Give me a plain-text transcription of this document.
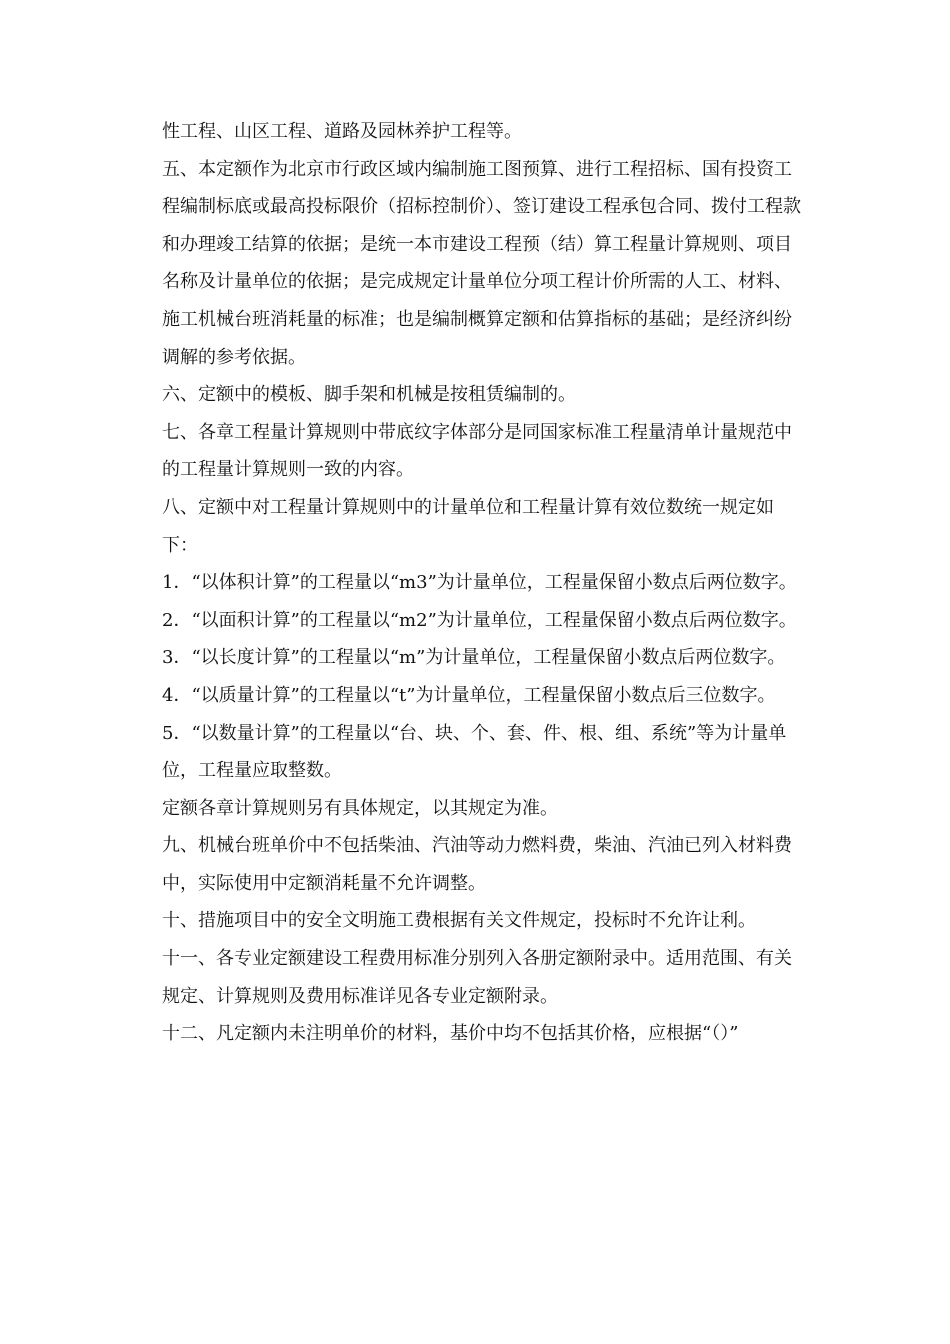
性工程、山区工程、道路及园林养护工程等。

五、本定额作为北京市行政区域内编制施工图预算、进行工程招标、国有投资工程编制标底或最高投标限价（招标控制价）、签订建设工程承包合同、拨付工程款和办理竣工结算的依据；是统一本市建设工程预（结）算工程量计算规则、项目名称及计量单位的依据；是完成规定计量单位分项工程计价所需的人工、材料、施工机械台班消耗量的标准；也是编制概算定额和估算指标的基础；是经济纠纷调解的参考依据。

六、定额中的模板、脚手架和机械是按租赁编制的。

七、各章工程量计算规则中带底纹字体部分是同国家标准工程量清单计量规范中的工程量计算规则一致的内容。

八、定额中对工程量计算规则中的计量单位和工程量计算有效位数统一规定如下：

1．“以体积计算”的工程量以“m3”为计量单位，工程量保留小数点后两位数字。

2．“以面积计算”的工程量以“m2”为计量单位，工程量保留小数点后两位数字。

3．“以长度计算”的工程量以“m”为计量单位，工程量保留小数点后两位数字。

4．“以质量计算”的工程量以“t”为计量单位，工程量保留小数点后三位数字。

5．“以数量计算”的工程量以“台、块、个、套、件、根、组、系统”等为计量单位，工程量应取整数。

定额各章计算规则另有具体规定，以其规定为准。

九、机械台班单价中不包括柴油、汽油等动力燃料费，柴油、汽油已列入材料费中，实际使用中定额消耗量不允许调整。

十、措施项目中的安全文明施工费根据有关文件规定，投标时不允许让利。

十一、各专业定额建设工程费用标准分别列入各册定额附录中。适用范围、有关规定、计算规则及费用标准详见各专业定额附录。

十二、凡定额内未注明单价的材料，基价中均不包括其价格，应根据“（）”
